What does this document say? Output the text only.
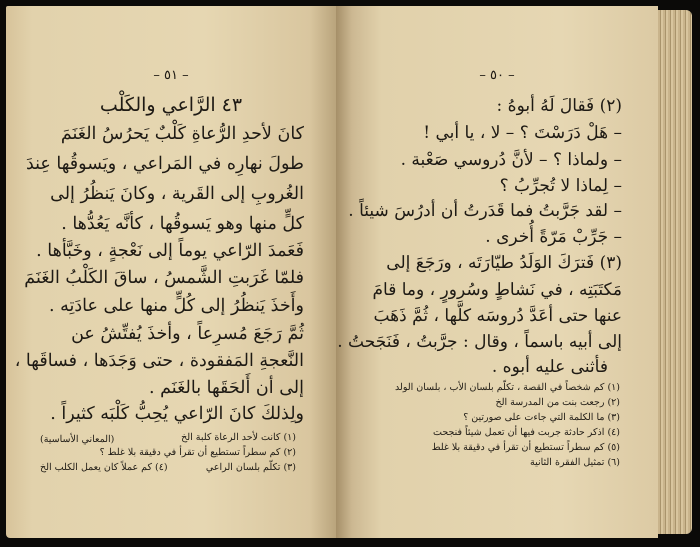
– ٥١ –
٤٣ الرَّاعي والكَلْب
كانَ لأحدِ الرُّعاةِ كَلْبٌ يَحرُسُ الغَنَمَ
طولَ نهارِه في المَراعي ، ويَسوقُها عِندَ
الغُروبِ إلى القَرية ، وكانَ يَنظُرُ إلى
كلٍّ منها وهو يَسوقُها ، كأنَّه يَعُدُّها .
فَعَمدَ الرّاعي يوماً إلى نَعْجةٍ ، وخَبَّأها .
فلمّا غَرَبتِ الشَّمسُ ، ساقَ الكَلْبُ الغَنَمَ
وأَخذَ يَنظُرُ إلى كُلٍّ منها على عادَتِه .
ثُمَّ رَجَعَ مُسرِعاً ، وأخذَ يُفتِّشُ عن
النَّعجةِ المَفقودة ، حتى وَجَدَها ، فساقَها ،
إلى أن أَلحَقَها بالغَنَم .
ولِذلكَ كانَ الرّاعي يُحِبُّ كَلْبَه كثيراً .
(المعاني الأساسية)	(١) كانت لأحد الرعاة كلبة الخ
(٢) كم سطراً تستطيع أن تقرأ في دقيقة بلا غلط ؟
(٣) تكلّم بلسان الراعي
(٤) كم عملاً كان يعمل الكلب الخ
– ٥٠ –
(٢) فَقالَ لَهُ أبوهُ :
– هَلْ دَرَسْتَ ؟ – لا ، يا أبي !
– ولماذا ؟ – لأنَّ دُروسي صَعْبة .
– لِماذا لا تُجرِّبُ ؟
– لقد جَرَّبتُ فما قَدَرتُ أن أدرُسَ شيئاً .
– جَرِّبْ مَرّةً أُخرى .
(٣) فَترَكَ الوَلَدُ طيّارَتَه ، ورَجَعَ إلى
مَكتَبَتِه ، في نَشاطٍ وسُرورٍ ، وما قامَ
عنها حتى أعَدَّ دُروسَه كلَّها ، ثُمَّ ذَهَبَ
إلى أبيه باسماً ، وقال : جرَّبتُ ، فَنَجَحتُ .
فأثنى عليه أبوه .
(١) كم شخصاً في القصة ، تكلّم بلسان الأب ، بلسان الولد
(٢) رجعت بنت من المدرسة الخ
(٣) ما الكلمة التي جاءت على صورتين ؟
(٤) اذكر حادثة جربت فيها أن تعمل شيئاً فنجحت
(٥) كم سطراً تستطيع أن تقرأ في دقيقة بلا غلط
(٦) تمثيل الفقرة الثانية
